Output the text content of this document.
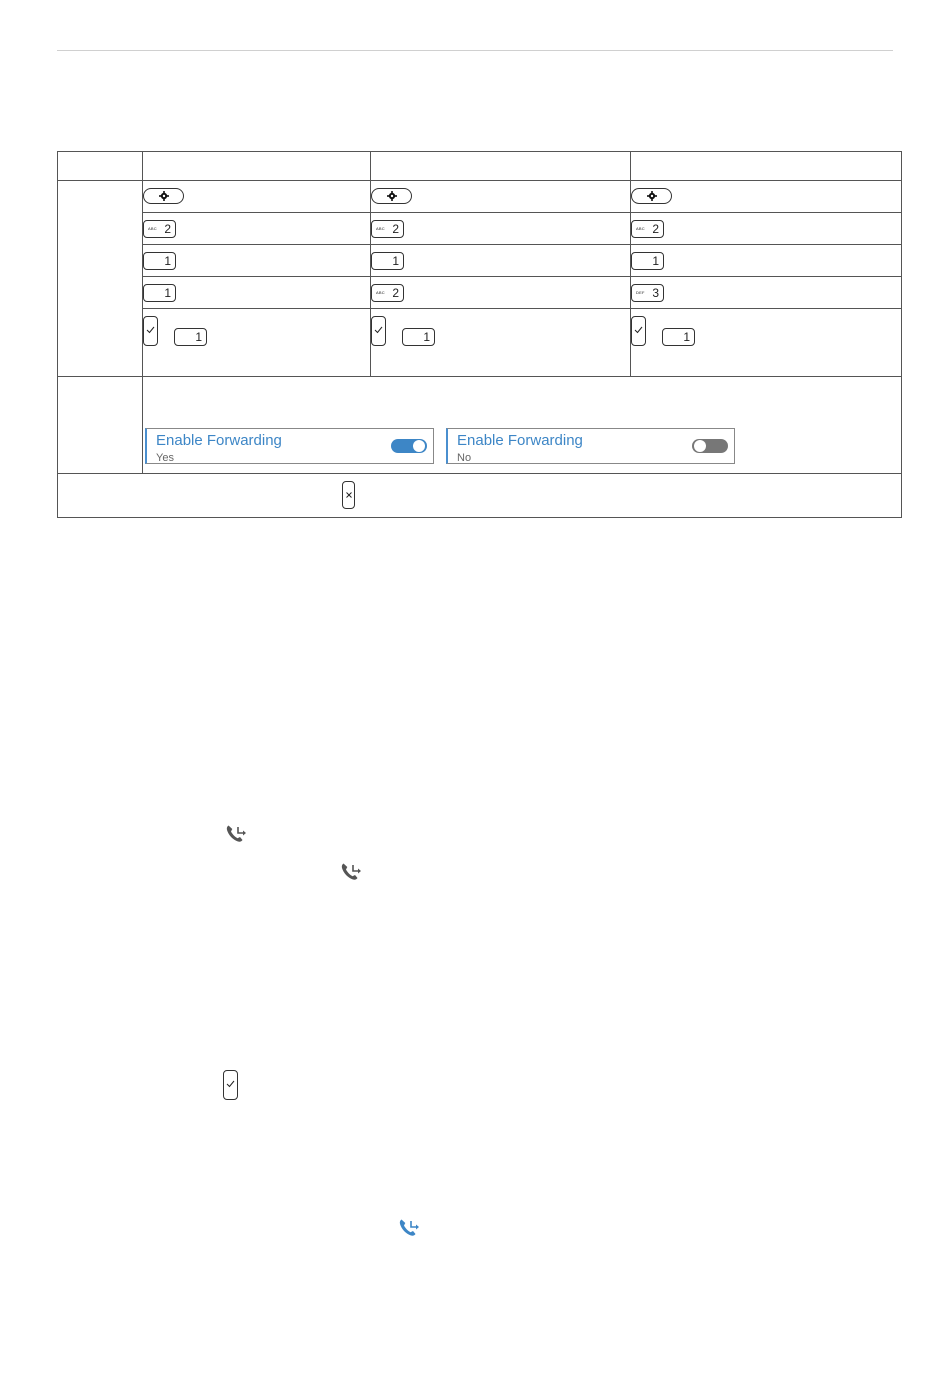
	ABC 2	ABC 2	ABC 2

	1	1	1

	1	ABC 2	DEF 3

	1	1	1

	Enable Forwarding
Yes
Enable Forwarding
No		
